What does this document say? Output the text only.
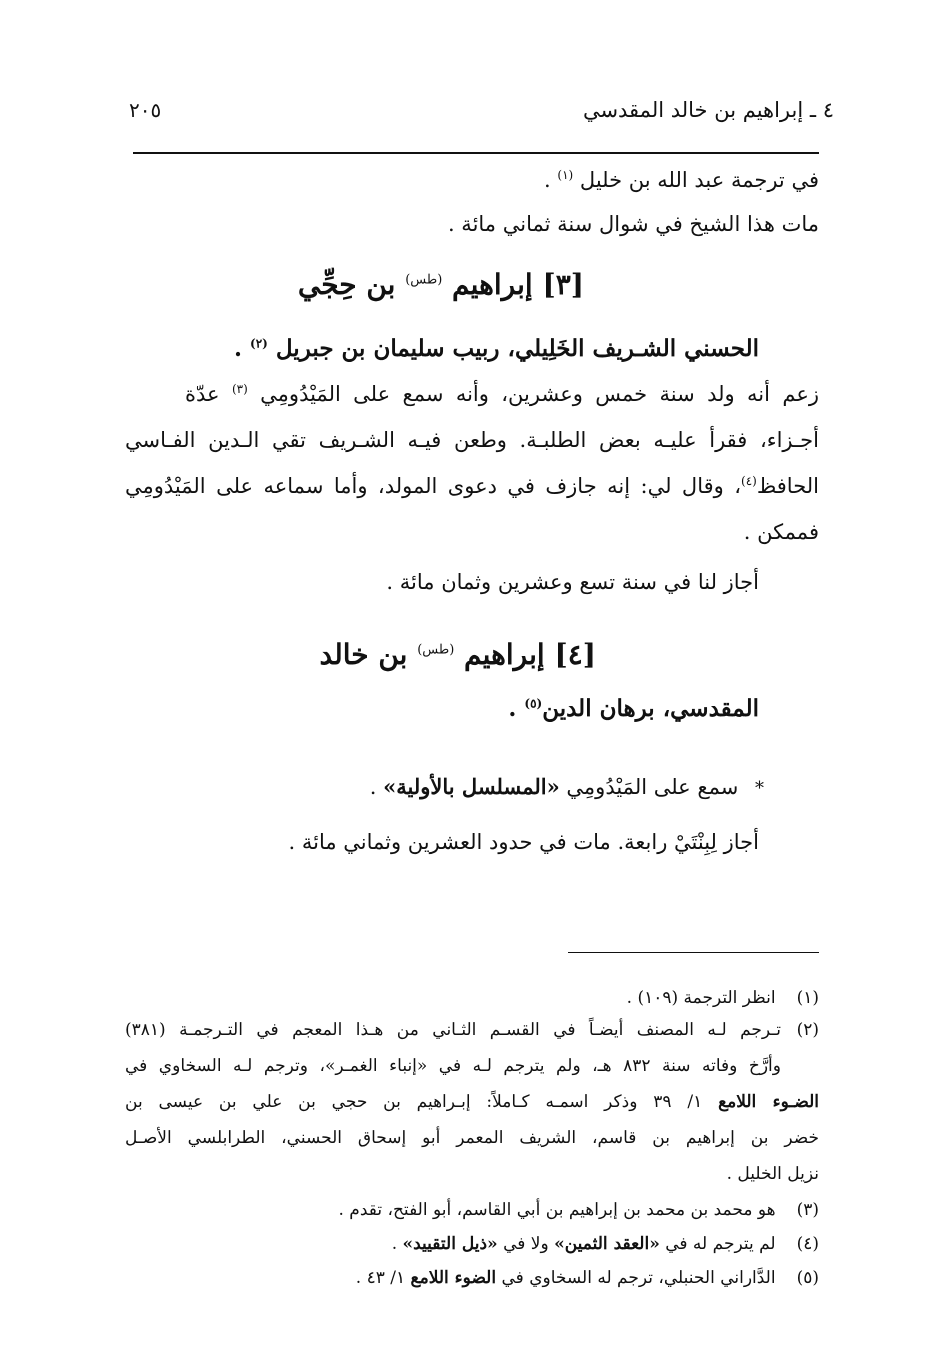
٤ ـ إبراهيم بن خالد المقدسي
٢٠٥
في ترجمة عبد الله بن خليل $^{(١)}$ .
مات هذا الشيخ في شوال سنة ثماني مائة .
[٣] إبراهيم $^{(طس)}$ بن حِجِّي
الحسني الشـريف الخَلِيلي، ربيب سليمان بن جبريل $^{(٢)}$ .
زعم أنه ولد سنة خمس وعشرين، وأنه سمع على المَيْدُومِي $^{(٣)}$ عدّة
أجـزاء، فقرأ عليـه بعض الطلبـة. وطعن فيـه الشـريف تقي الـدين الفـاسي
الحافظ$^{(٤)}$، وقال لي: إنه جازف في دعوى المولد، وأما سماعه على المَيْدُومِي
فممكن .
أجاز لنا في سنة تسع وعشرين وثمان مائة .
[٤] إبراهيم $^{(طس)}$ بن خالد
المقدسي، برهان الدين$^{(٥)}$ .
* سمع على المَيْدُومِي «المسلسل بالأولية» .
أجاز لِبِنْتَيْ رابعة. مات في حدود العشرين وثماني مائة .
(١) انظر الترجمة (١٠٩) .
(٢)
تـرجم لـه المصنف أيضـاً في القسـم الثـاني من هـذا المعجم في التـرجمـة (٣٨١)
وأرَّخ وفاته سنة ٨٣٢ هـ، ولم يترجم لـه في «إنباء الغمـر»، وترجم لـه السخاوي في
الضـوء اللامع ١/ ٣٩ وذكر اسمـه كـاملاً: إبـراهيم بن حجي بن علي بن عيسى بن
خضر بن إبراهيم بن قاسم، الشريف المعمر أبو إسحاق الحسني، الطرابلسي الأصـل
نزيل الخليل .
(٣) هو محمد بن محمد بن إبراهيم بن أبي القاسم، أبو الفتح، تقدم .
(٤) لم يترجم له في «العقد الثمين» ولا في «ذيل التقييد» .
(٥) الدَّاراني الحنبلي، ترجم له السخاوي في الضوء اللامع ١/ ٤٣ .
